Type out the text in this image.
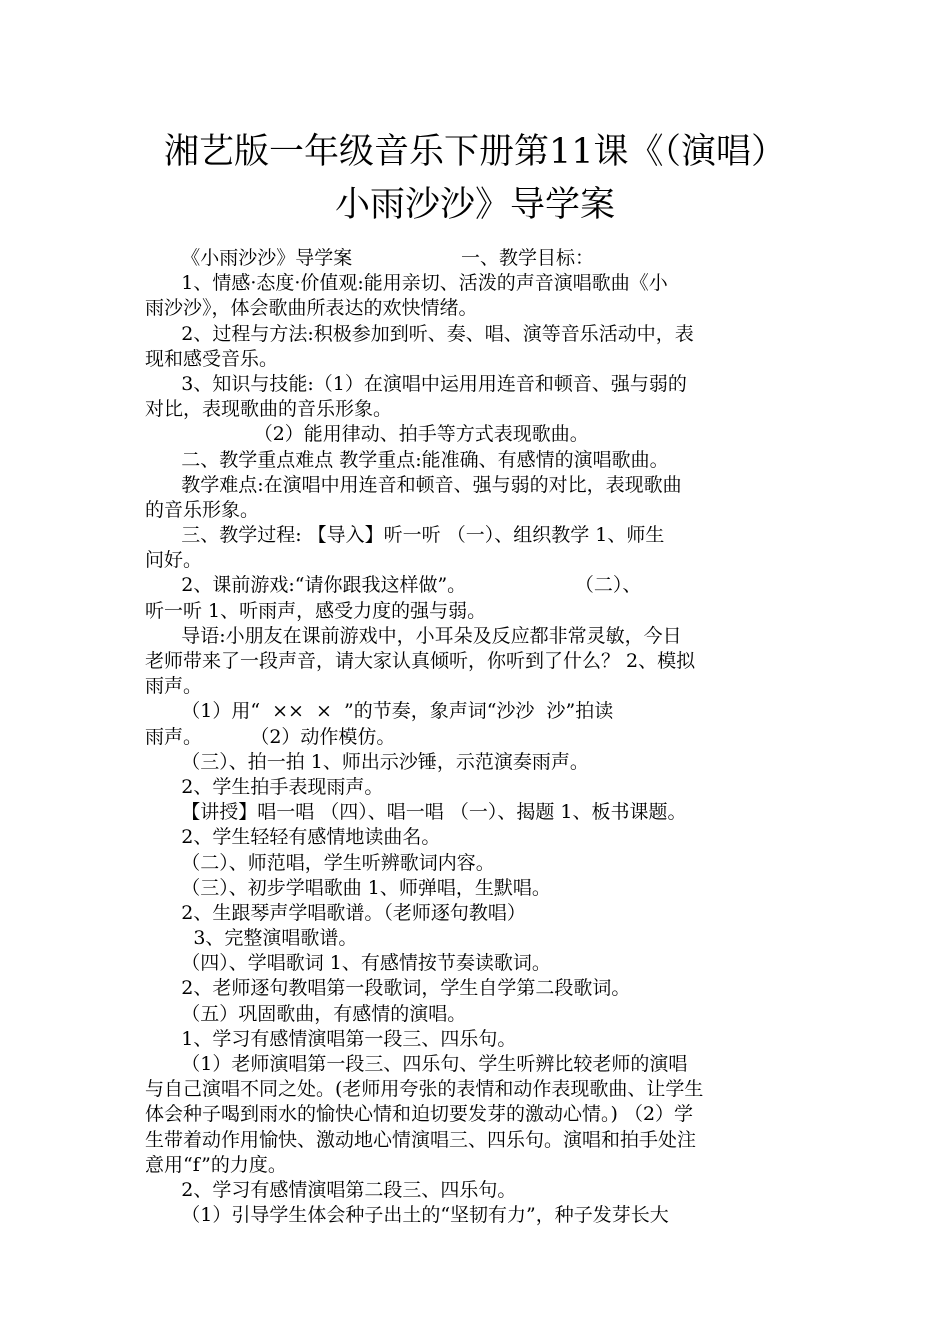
湘艺版一年级音乐下册第11课《（演唱）
小雨沙沙》导学案
《小雨沙沙》导学案                  一、教学目标：
1、情感·态度·价值观:能用亲切、活泼的声音演唱歌曲《小
雨沙沙》，体会歌曲所表达的欢快情绪。
2、过程与方法:积极参加到听、奏、唱、演等音乐活动中，表
现和感受音乐。
3、知识与技能:（1）在演唱中运用用连音和顿音、强与弱的
对比，表现歌曲的音乐形象。
（2）能用律动、拍手等方式表现歌曲。
二、教学重点难点 教学重点:能准确、有感情的演唱歌曲。
教学难点:在演唱中用连音和顿音、强与弱的对比，表现歌曲
的音乐形象。
三、教学过程: 【导入】听一听 （一）、组织教学 1、师生
问好。
2、课前游戏:“请你跟我这样做”。                  （二）、
听一听 1、听雨声，感受力度的强与弱。
导语:小朋友在课前游戏中，小耳朵及反应都非常灵敏，今日
老师带来了一段声音，请大家认真倾听，你听到了什么？ 2、模拟
雨声。
（1）用“  ××  ×  ”的节奏，象声词“沙沙  沙”拍读
雨声。        （2）动作模仿。
（三）、拍一拍 1、师出示沙锤，示范演奏雨声。
2、学生拍手表现雨声。
【讲授】唱一唱 （四）、唱一唱 （一）、揭题 1、板书课题。
2、学生轻轻有感情地读曲名。
（二）、师范唱，学生听辨歌词内容。
（三）、初步学唱歌曲 1、师弹唱，生默唱。
2、生跟琴声学唱歌谱。（老师逐句教唱）
3、完整演唱歌谱。
（四）、学唱歌词 1、有感情按节奏读歌词。
2、老师逐句教唱第一段歌词，学生自学第二段歌词。
（五）巩固歌曲，有感情的演唱。
1、学习有感情演唱第一段三、四乐句。
（1）老师演唱第一段三、四乐句、学生听辨比较老师的演唱
与自己演唱不同之处。(老师用夸张的表情和动作表现歌曲、让学生
体会种子喝到雨水的愉快心情和迫切要发芽的激动心情。) （2）学
生带着动作用愉快、激动地心情演唱三、四乐句。演唱和拍手处注
意用“f”的力度。
2、学习有感情演唱第二段三、四乐句。
（1）引导学生体会种子出土的“坚韧有力”，种子发芽长大
